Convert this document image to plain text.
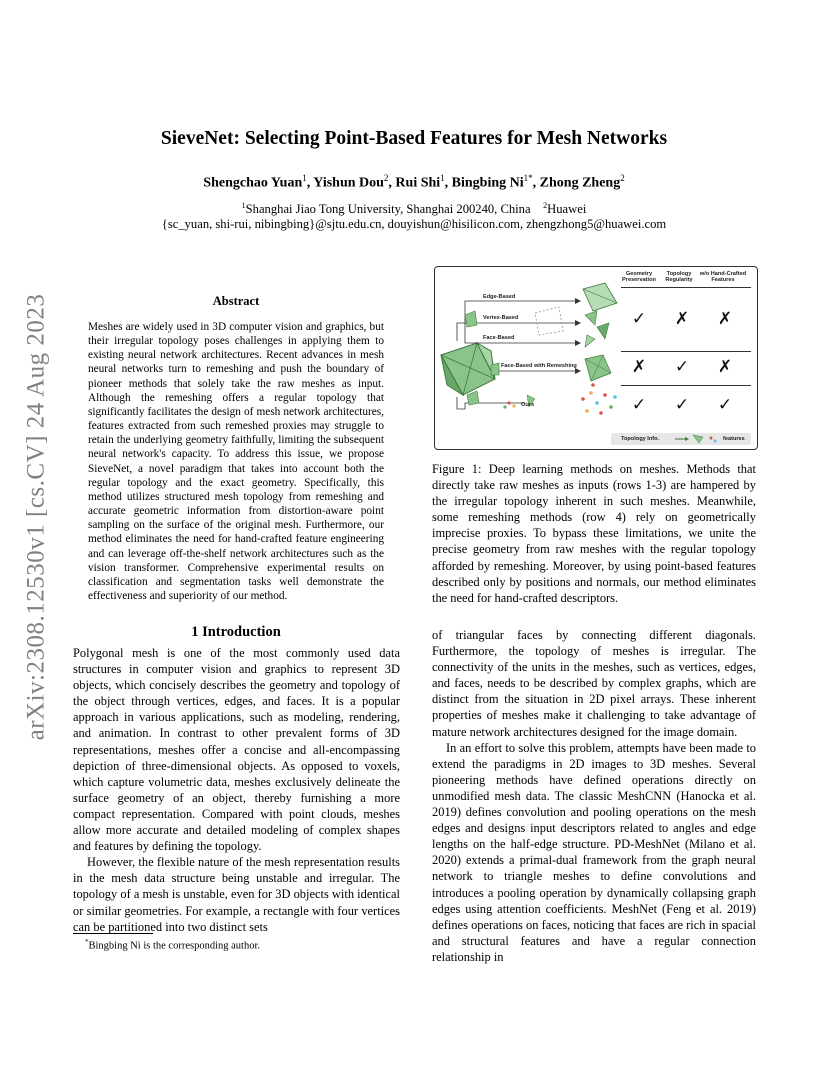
arXiv:2308.12530v1 [cs.CV] 24 Aug 2023
SieveNet: Selecting Point-Based Features for Mesh Networks
Shengchao Yuan$^1$, Yishun Dou$^2$, Rui Shi$^1$, Bingbing $Ni^{1*}$, Zhong Zheng$^2$
$^1$Shanghai Jiao Tong University, Shanghai 200240, China $^2$Huawei
{sc_yuan, shi-rui, nibingbing}@sjtu.edu.cn, douyishun@hisilicon.com, zhengzhong5@huawei.com
Abstract
Meshes are widely used in 3D computer vision and graphics, but their irregular topology poses challenges in applying them to existing neural network architectures. Recent advances in mesh neural networks turn to remeshing and push the boundary of pioneer methods that solely take the raw meshes as input. Although the remeshing offers a regular topology that significantly facilitates the design of mesh network architectures, features extracted from such remeshed proxies may struggle to retain the underlying geometry faithfully, limiting the subsequent neural network's capacity. To address this issue, we propose SieveNet, a novel paradigm that takes into account both the regular topology and the exact geometry. Specifically, this method utilizes structured mesh topology from remeshing and accurate geometric information from distortion-aware point sampling on the surface of the original mesh. Furthermore, our method eliminates the need for hand-crafted feature engineering and can leverage off-the-shelf network architectures such as the vision transformer. Comprehensive experimental results on classification and segmentation tasks well demonstrate the effectiveness and superiority of our method.
1 Introduction

Polygonal mesh is one of the most commonly used data structures in computer vision and graphics to represent 3D objects, which concisely describes the geometry and topology of the object through vertices, edges, and faces. It is a popular approach in various applications, such as modeling, rendering, and animation. In contrast to other prevalent forms of 3D representations, meshes offer a concise and all-encompassing depiction of three-dimensional objects. As opposed to voxels, which capture volumetric data, meshes exclusively delineate the surface geometry of an object, thereby furnishing a more compact representation. Compared with point clouds, meshes allow more accurate and detailed modeling of complex shapes and features by defining the topology.

However, the flexible nature of the mesh representation results in the mesh data structure being unstable and irregular. The topology of a mesh is unstable, even for 3D objects with identical or similar geometries. For example, a rectangle with four vertices can be partitioned into two distinct sets

of triangular faces by connecting different diagonals. Furthermore, the topology of meshes is irregular. The connectivity of the units in the meshes, such as vertices, edges, and faces, needs to be described by complex graphs, which are distinct from the situation in 2D pixel arrays. These inherent properties of meshes make it challenging to take advantage of mature network architectures designed for the image domain.

In an effort to solve this problem, attempts have been made to extend the paradigms in 2D images to 3D meshes. Several pioneering methods have defined operations directly on unmodified mesh data. The classic MeshCNN (Hanocka et al. 2019) defines convolution and pooling operations on the mesh edges and designs input descriptors related to angles and edge lengths on the half-edge structure. PD-MeshNet (Milano et al. 2020) extends a primal-dual framework from the graph neural network to triangle meshes to define convolutions and introduces a pooling operation by dynamically collapsing graph edges using attention coefficients. MeshNet (Feng et al. 2019) defines operations on faces, noticing that faces are rich in spacial and structural features and have a regular connection relationship in

*Bingbing Ni is the corresponding author.
Geometry Preservation
Topology Regularity
w/o Hand-Crafted Features
Edge-Based
Vertex-Based
Face-Based
Face-Based with Remeshing
Ours
✓	✗	✗
✗	✓	✗
✓	✓	✓
Topology Info.	features
Figure 1: Deep learning methods on meshes. Methods that directly take raw meshes as inputs (rows 1-3) are hampered by the irregular topology inherent in such meshes. Meanwhile, some remeshing methods (row 4) rely on geometrically imprecise proxies. To bypass these limitations, we unite the precise geometry from raw meshes with the regular topology afforded by remeshing. Moreover, by using point-based features described only by positions and normals, our method eliminates the need for hand-crafted descriptors.
